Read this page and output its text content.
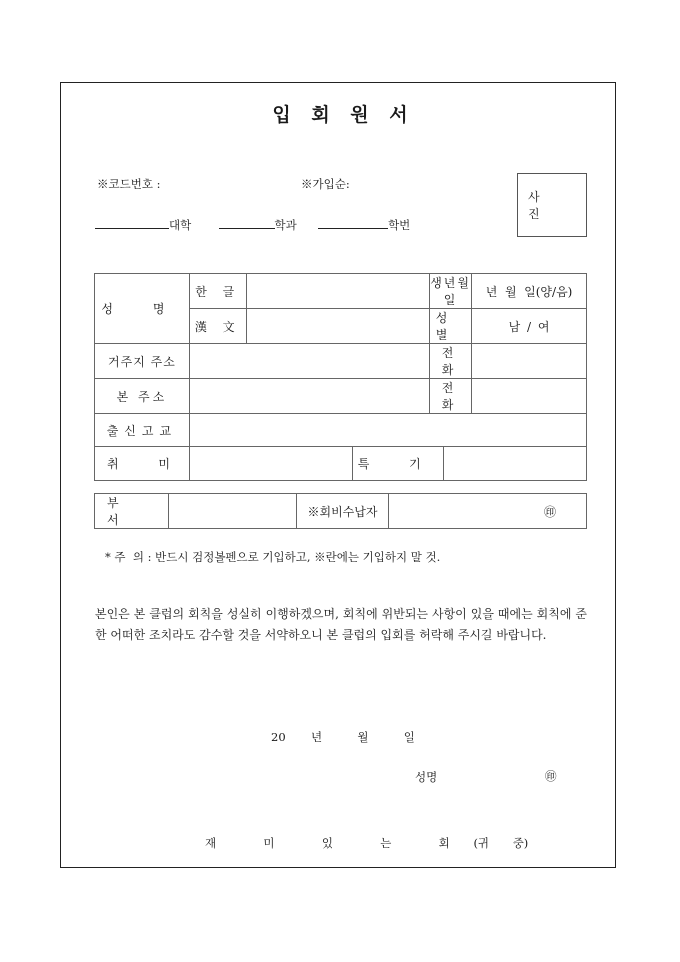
입 회 원 서
※코드번호 :	※가입순:
대학	학과	학번
사 진
성 명	한 글			생년월일		년  월  일(양/음)
	漢 文			성 별		남 / 여
거주지 주소				전 화		
본 주소				전 화		
출신고교						
취 미			특 기			
부 서		※회비수납자	㊞
* 주  의 : 반드시 검정볼펜으로 기입하고, ※란에는 기입하지 말 것.
본인은 본 클럽의 회칙을 성실히 이행하겠으며, 회칙에 위반되는 사항이 있을 때에는 회칙에 준한 어떠한 조치라도 감수할 것을 서약하오니 본 클럽의 입회를 허락해 주시길 바랍니다.
20 년	월	일
성명	㊞
재  미  있  는  회 (귀 중)
